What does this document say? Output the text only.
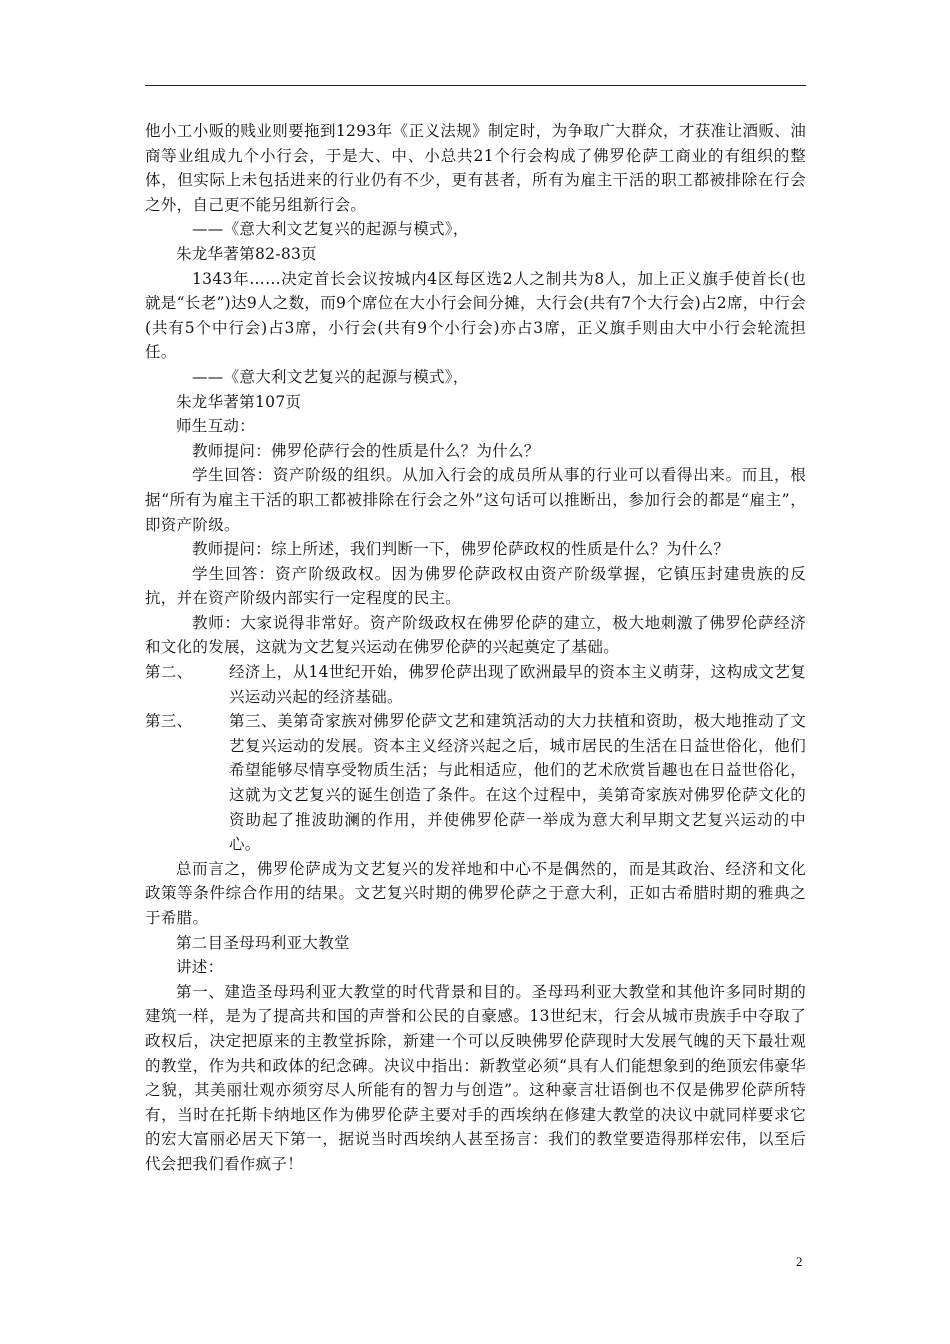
他小工小贩的贱业则要拖到1293年《正义法规》制定时，为争取广大群众，才获准让酒贩、油商等业组成九个小行会，于是大、中、小总共21个行会构成了佛罗伦萨工商业的有组织的整体，但实际上未包括进来的行业仍有不少，更有甚者，所有为雇主干活的职工都被排除在行会之外，自己更不能另组新行会。

——《意大利文艺复兴的起源与模式》，

朱龙华著第82-83页

1343年……决定首长会议按城内4区每区选2人之制共为8人，加上正义旗手使首长(也就是“长老”)达9人之数，而9个席位在大小行会间分摊，大行会(共有7个大行会)占2席，中行会(共有5个中行会)占3席，小行会(共有9个小行会)亦占3席，正义旗手则由大中小行会轮流担任。

——《意大利文艺复兴的起源与模式》，

朱龙华著第107页

师生互动：

教师提问：佛罗伦萨行会的性质是什么？为什么？

学生回答：资产阶级的组织。从加入行会的成员所从事的行业可以看得出来。而且，根据“所有为雇主干活的职工都被排除在行会之外”这句话可以推断出，参加行会的都是“雇主”，即资产阶级。

教师提问：综上所述，我们判断一下，佛罗伦萨政权的性质是什么？为什么？

学生回答：资产阶级政权。因为佛罗伦萨政权由资产阶级掌握，它镇压封建贵族的反抗，并在资产阶级内部实行一定程度的民主。

教师：大家说得非常好。资产阶级政权在佛罗伦萨的建立，极大地刺激了佛罗伦萨经济和文化的发展，这就为文艺复兴运动在佛罗伦萨的兴起奠定了基础。

第二、	经济上，从14世纪开始，佛罗伦萨出现了欧洲最早的资本主义萌芽，这构成文艺复兴运动兴起的经济基础。
第三、	第三、美第奇家族对佛罗伦萨文艺和建筑活动的大力扶植和资助，极大地推动了文艺复兴运动的发展。资本主义经济兴起之后，城市居民的生活在日益世俗化，他们希望能够尽情享受物质生活；与此相适应，他们的艺术欣赏旨趣也在日益世俗化，这就为文艺复兴的诞生创造了条件。在这个过程中，美第奇家族对佛罗伦萨文化的资助起了推波助澜的作用，并使佛罗伦萨一举成为意大利早期文艺复兴运动的中心。

总而言之，佛罗伦萨成为文艺复兴的发祥地和中心不是偶然的，而是其政治、经济和文化政策等条件综合作用的结果。文艺复兴时期的佛罗伦萨之于意大利，正如古希腊时期的雅典之于希腊。

第二目圣母玛利亚大教堂

讲述：

第一、建造圣母玛利亚大教堂的时代背景和目的。圣母玛利亚大教堂和其他许多同时期的建筑一样，是为了提高共和国的声誉和公民的自豪感。13世纪末，行会从城市贵族手中夺取了政权后，决定把原来的主教堂拆除，新建一个可以反映佛罗伦萨现时大发展气魄的天下最壮观的教堂，作为共和政体的纪念碑。决议中指出：新教堂必须“具有人们能想象到的绝顶宏伟豪华之貌，其美丽壮观亦须穷尽人所能有的智力与创造”。这种豪言壮语倒也不仅是佛罗伦萨所特有，当时在托斯卡纳地区作为佛罗伦萨主要对手的西埃纳在修建大教堂的决议中就同样要求它的宏大富丽必居天下第一，据说当时西埃纳人甚至扬言：我们的教堂要造得那样宏伟，以至后代会把我们看作疯子！

2
